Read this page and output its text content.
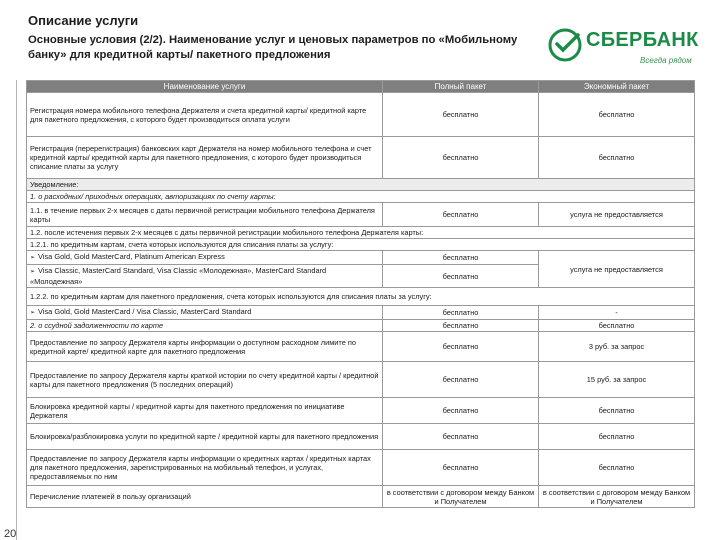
Описание услуги
Основные условия (2/2). Наименование услуг и ценовых параметров по «Мобильному банку» для кредитной карты/ пакетного предложения
СБЕРБАНК
Всегда рядом
Наименование услуги	Полный пакет	Экономный пакет
Регистрация номера мобильного телефона Держателя и счета кредитной карты/ кредитной карте для пакетного предложения, с которого будет производиться оплата услуги	бесплатно	бесплатно
Регистрация (перерегистрация) банковских карт Держателя на номер мобильного телефона и счет кредитной карты/ кредитной карты для пакетного предложения, с которого будет производиться списание платы за услугу	бесплатно	бесплатно
Уведомление:		
1. о расходных/ приходных операциях, авторизациях по счету карты:		
1.1. в течение первых 2-х месяцев с даты первичной регистрации мобильного телефона Держателя карты	бесплатно	услуга не предоставляется
1.2. после истечения первых 2-х месяцев с даты первичной регистрации мобильного телефона Держателя карты:		
1.2.1. по кредитным картам, счета которых используются для списания платы за услугу:		

➢ Visa Gold, Gold MasterCard, Platinum American Express	бесплатно	услуга не предоставляется

➢ Visa Classic, MasterCard Standard, Visa Classic «Молодежная», MasterCard Standard «Молодежная»	бесплатно	
1.2.2. по кредитным картам для пакетного предложения, счета которых используются для списания платы за услугу:		

➢ Visa Gold, Gold MasterCard / Visa Classic, MasterCard Standard	бесплатно	-
2. о ссудной задолженности по карте	бесплатно	бесплатно
Предоставление по запросу Держателя карты информации о доступном расходном лимите по кредитной карте/ кредитной карте для пакетного предложения	бесплатно	3 руб. за запрос
Предоставление по запросу Держателя карты краткой истории по счету кредитной карты / кредитной карты для пакетного предложения (5 последних операций)	бесплатно	15 руб. за запрос
Блокировка кредитной карты / кредитной карты для пакетного предложения по инициативе Держателя	бесплатно	бесплатно
Блокировка/разблокировка услуги по кредитной карте / кредитной карты для пакетного предложения	бесплатно	бесплатно
Предоставление по запросу Держателя карты информации о кредитных картах / кредитных картах для пакетного предложения, зарегистрированных на мобильный телефон, и услугах, предоставляемых по ним	бесплатно	бесплатно
Перечисление платежей в пользу организаций	в соответствии с договором между Банком и Получателем	в соответствии с договором между Банком и Получателем
20
